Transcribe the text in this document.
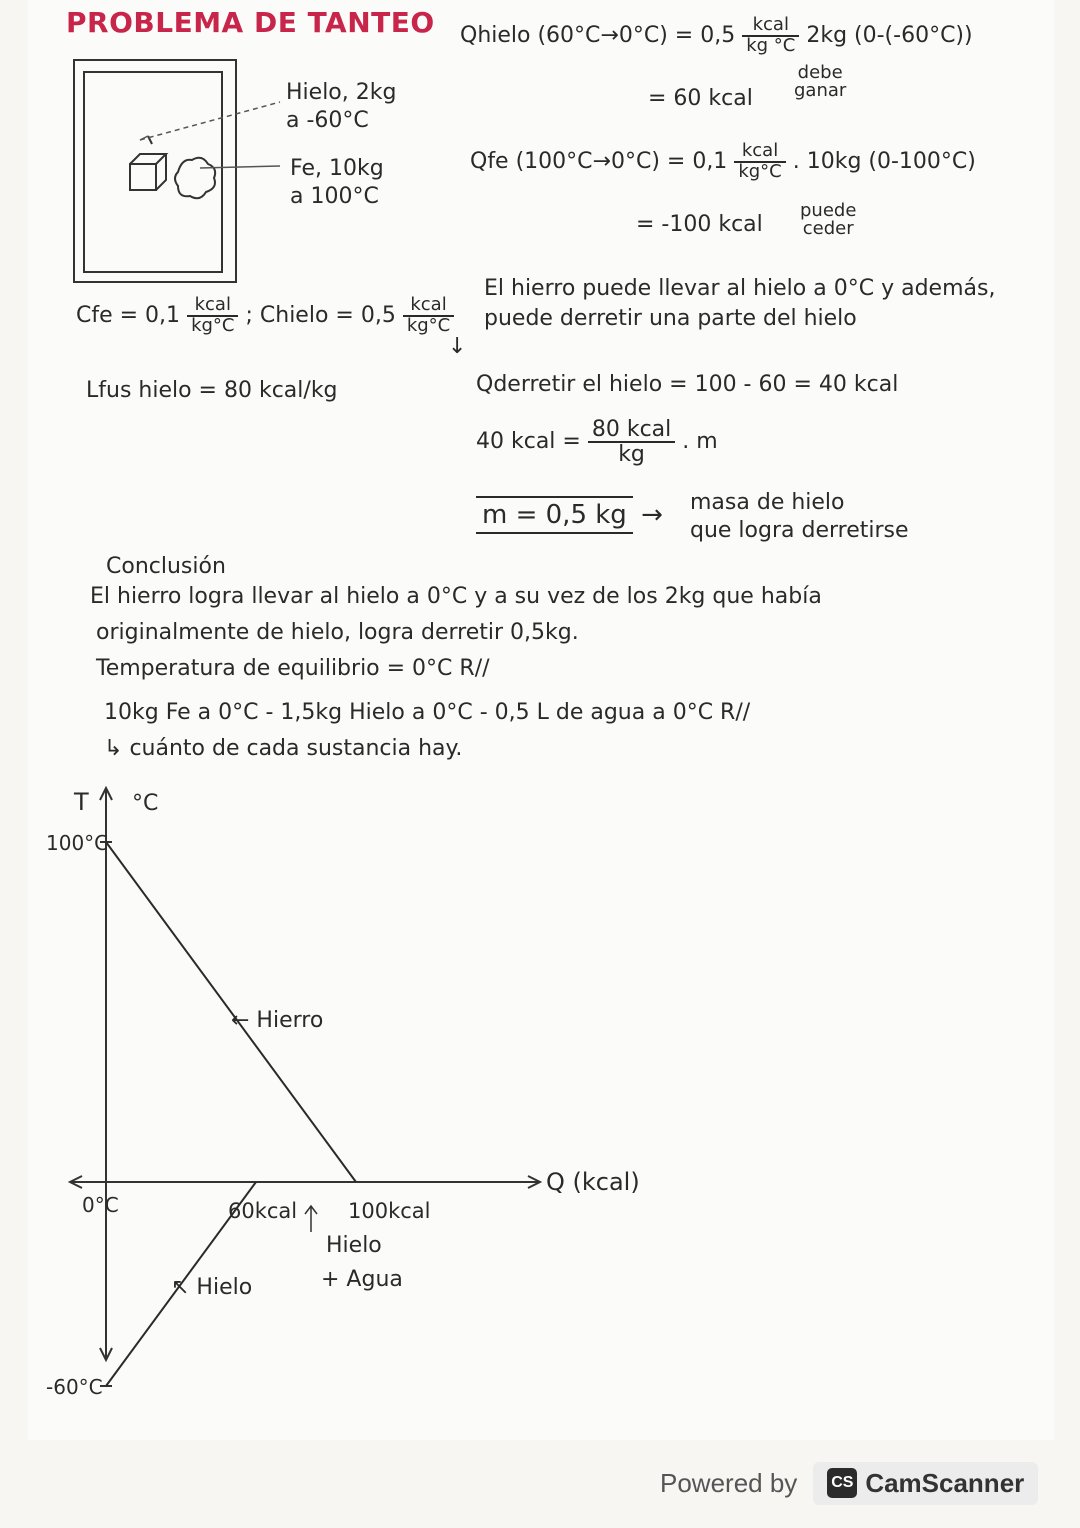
PROBLEMA DE TANTEO
Hielo, 2kg
a -60°C
Fe, 10kg
a 100°C
Cfe = $0,1 \frac{\text{kcal}}{kg^\circ C}$ ; Chielo = $0,5 \frac{\text{kcal}}{kg^\circ C}$
Lfus hielo = 80 kcal/kg
Qhielo $(60^\circ C\to 0^\circ C) = 0,5 \frac{\text{kcal}}{kg ^\circ C} 2kg$ (0-(-60°C))
= 60 kcal
debe
ganar
Qfe $(100^\circ C\to 0^\circ C) = 0,1 \frac{\text{kcal}}{kg^\circ C}$ . 10kg (0-100°C)
= -100 kcal
puede
ceder
El hierro puede llevar al hielo a 0°C y además,
puede derretir una parte del hielo
↓
Qderretir el hielo = 100 - 60 = 40 kcal
40 kcal = $\frac{\text{80 kcal}}{kg}$ . m
m = 0,5 kg → masa de hielo
que logra derretirse
Conclusión
El hierro logra llevar al hielo a 0°C y a su vez de los 2kg que había
originalmente de hielo, logra derretir 0,5kg.
Temperatura de equilibrio = 0°C R//
10kg Fe a 0°C - 1,5kg Hielo a 0°C - 0,5 L de agua a 0°C R//
↳ cuánto de cada sustancia hay.
T °C
Q (kcal)
100°C
0°C
-60°C
60kcal 100kcal
← Hierro
↖ Hielo
Hielo
+ Agua
Powered by CS CamScanner
